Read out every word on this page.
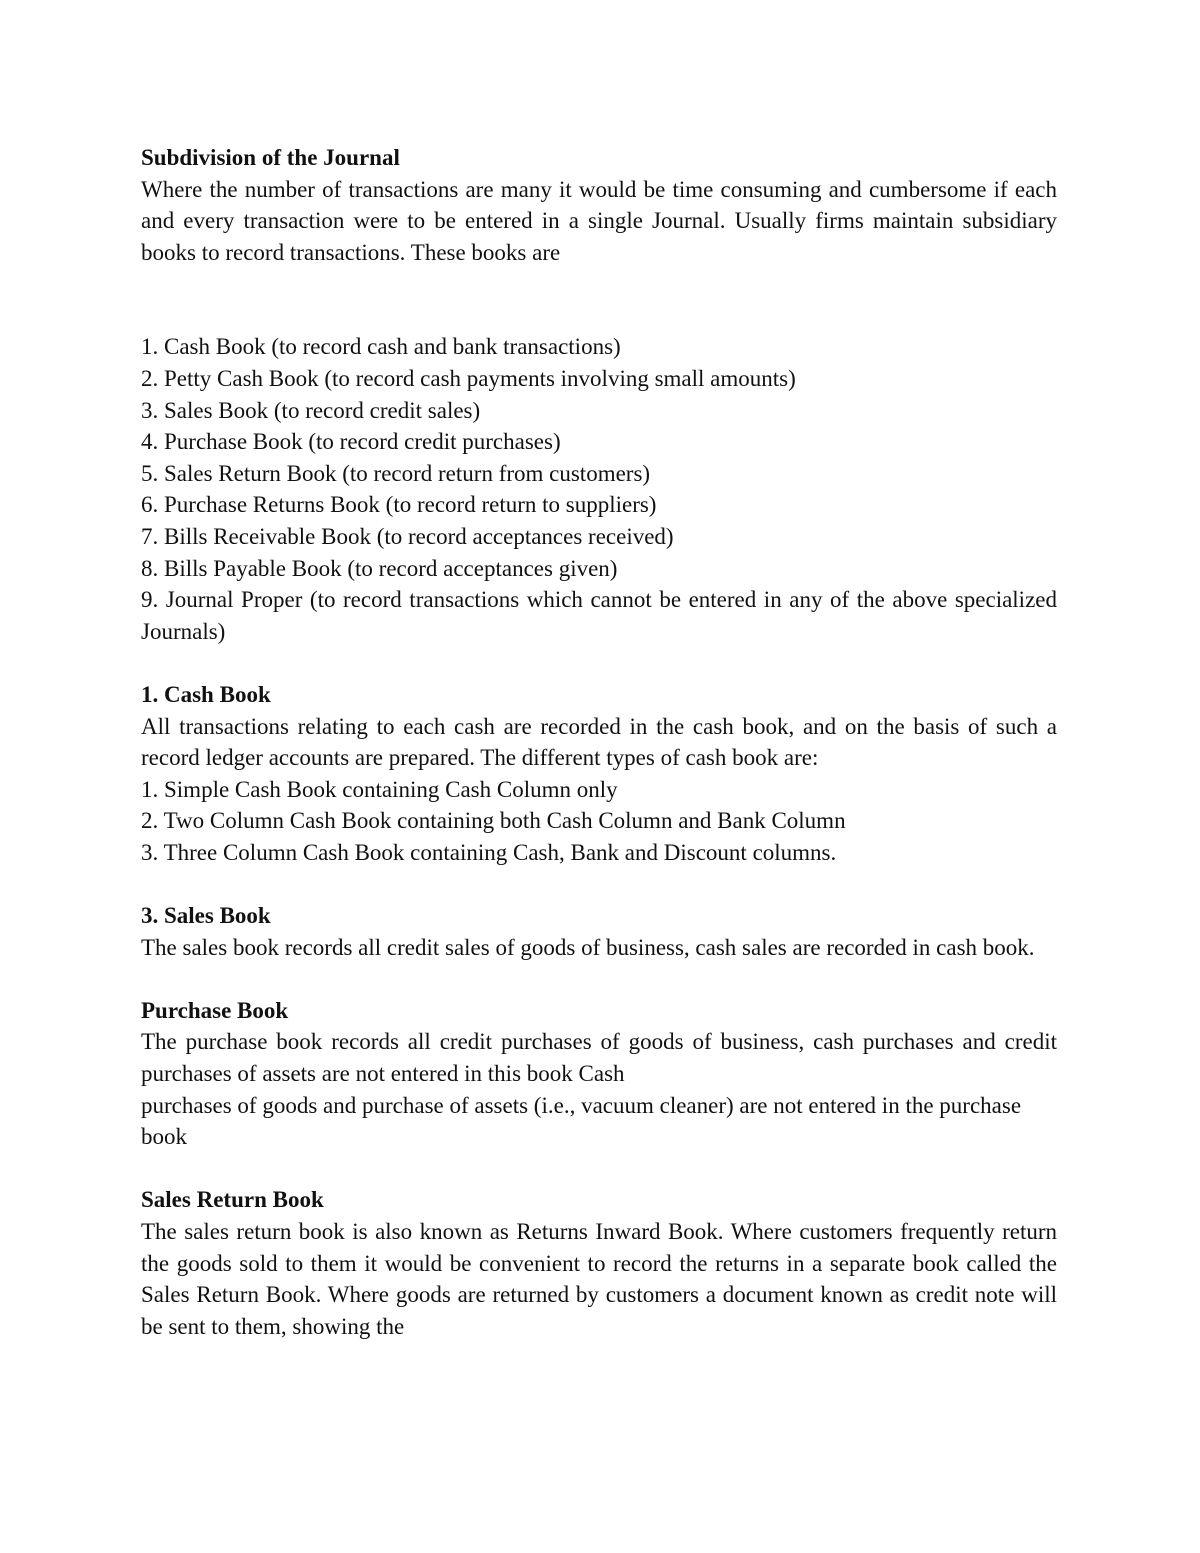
Subdivision of the Journal

Where the number of transactions are many it would be time consuming and cumbersome if each and every transaction were to be entered in a single Journal. Usually firms maintain subsidiary books to record transactions. These books are

1. Cash Book (to record cash and bank transactions)
2. Petty Cash Book (to record cash payments involving small amounts)
3. Sales Book (to record credit sales)
4. Purchase Book (to record credit purchases)
5. Sales Return Book (to record return from customers)
6. Purchase Returns Book (to record return to suppliers)
7. Bills Receivable Book (to record acceptances received)
8. Bills Payable Book (to record acceptances given)
9. Journal Proper (to record transactions which cannot be entered in any of the above specialized Journals)

1. Cash Book

All transactions relating to each cash are recorded in the cash book, and on the basis of such a record ledger accounts are prepared. The different types of cash book are:

1. Simple Cash Book containing Cash Column only
2. Two Column Cash Book containing both Cash Column and Bank Column
3. Three Column Cash Book containing Cash, Bank and Discount columns.

3. Sales Book

The sales book records all credit sales of goods of business, cash sales are recorded in cash book.

Purchase Book

The purchase book records all credit purchases of goods of business, cash purchases and credit purchases of assets are not entered in this book Cash

purchases of goods and purchase of assets (i.e., vacuum cleaner) are not entered in the purchase book

Sales Return Book

The sales return book is also known as Returns Inward Book. Where customers frequently return the goods sold to them it would be convenient to record the returns in a separate book called the Sales Return Book. Where goods are returned by customers a document known as credit note will be sent to them, showing the
